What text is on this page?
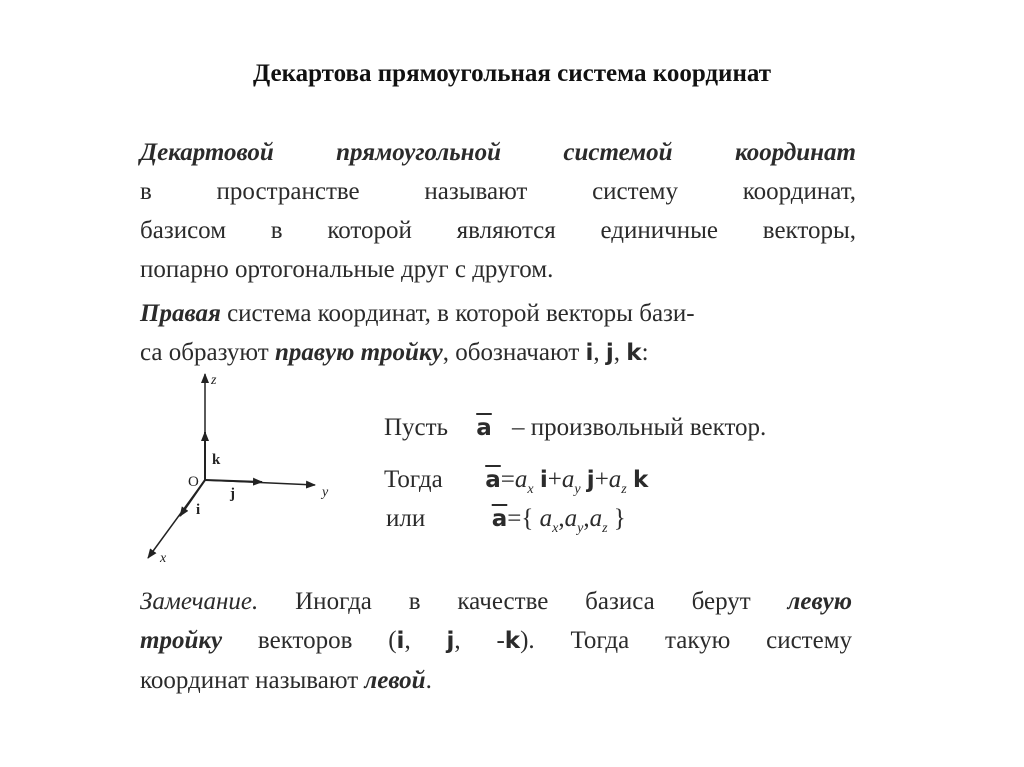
Декартова прямоугольная система координат
Декартовой прямоугольной системой координат
в пространстве называют систему координат,
базисом в которой являются единичные векторы,
попарно ортогональные друг с другом.
Правая система координат, в которой векторы бази-
са образуют правую тройку, обозначают i, j, k:
z
y
x
O
k
j
i
Пусть $\overline{a}$ – произвольный вектор.
Тогда $\overline{a}=a_x$ $i+a_y$ $j+a_z$ k
или	$\overline{a}=${ $a_x,a_y,a_z$ }
Замечание. Иногда в качестве базиса берут левую
тройку векторов (i, j, -k). Тогда такую систему
координат называют левой.
